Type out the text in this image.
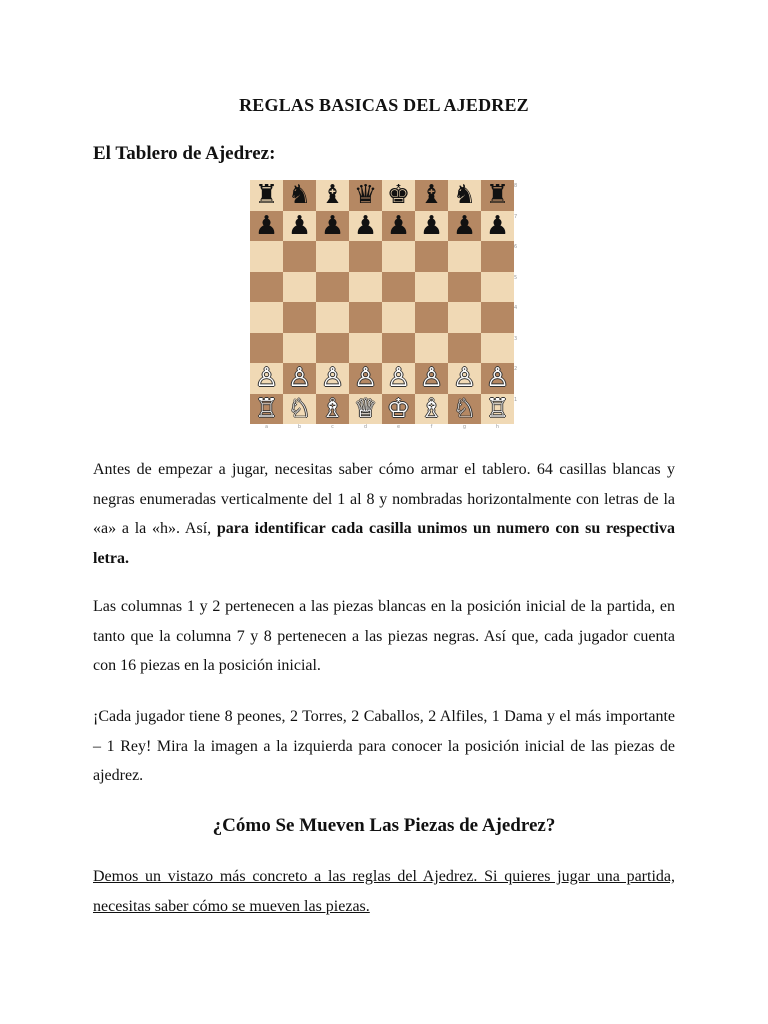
REGLAS BASICAS DEL AJEDREZ
El Tablero de Ajedrez:
♜ ♞ ♝ ♛ ♚ ♝ ♞ ♜
♟ ♟ ♟ ♟ ♟ ♟ ♟ ♟
♙ ♙ ♙ ♙ ♙ ♙ ♙ ♙
♖ ♘ ♗ ♕ ♔ ♗ ♘ ♖
8
7
6
5
4
3
2
1
a	b	c	d	e	f	g	h

Antes de empezar a jugar, necesitas saber cómo armar el tablero. 64 casillas blancas y negras enumeradas verticalmente del 1 al 8 y nombradas horizontalmente con letras de la «a» a la «h». Así, para identificar cada casilla unimos un numero con su respectiva letra.

Las columnas 1 y 2 pertenecen a las piezas blancas en la posición inicial de la partida, en tanto que la columna 7 y 8 pertenecen a las piezas negras. Así que, cada jugador cuenta con 16 piezas en la posición inicial.

¡Cada jugador tiene 8 peones, 2 Torres, 2 Caballos, 2 Alfiles, 1 Dama y el más importante – 1 Rey! Mira la imagen a la izquierda para conocer la posición inicial de las piezas de ajedrez.

¿Cómo Se Mueven Las Piezas de Ajedrez?

Demos un vistazo más concreto a las reglas del Ajedrez. Si quieres jugar una partida, necesitas saber cómo se mueven las piezas.
